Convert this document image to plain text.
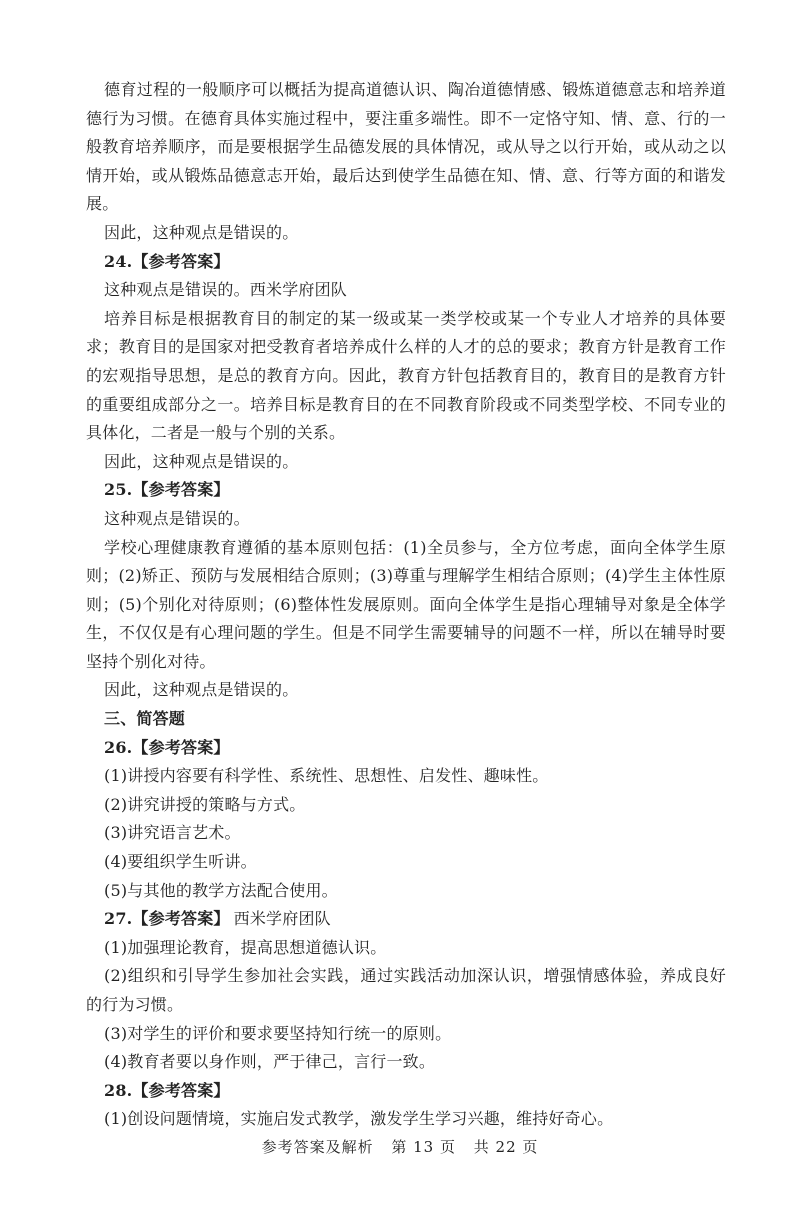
德育过程的一般顺序可以概括为提高道德认识、陶冶道德情感、锻炼道德意志和培养道德行为习惯。在德育具体实施过程中，要注重多端性。即不一定恪守知、情、意、行的一般教育培养顺序，而是要根据学生品德发展的具体情况，或从导之以行开始，或从动之以情开始，或从锻炼品德意志开始，最后达到使学生品德在知、情、意、行等方面的和谐发展。

因此，这种观点是错误的。

24.【参考答案】

这种观点是错误的。西米学府团队

培养目标是根据教育目的制定的某一级或某一类学校或某一个专业人才培养的具体要求；教育目的是国家对把受教育者培养成什么样的人才的总的要求；教育方针是教育工作的宏观指导思想，是总的教育方向。因此，教育方针包括教育目的，教育目的是教育方针的重要组成部分之一。培养目标是教育目的在不同教育阶段或不同类型学校、不同专业的具体化，二者是一般与个别的关系。

因此，这种观点是错误的。

25.【参考答案】

这种观点是错误的。

学校心理健康教育遵循的基本原则包括：(1)全员参与，全方位考虑，面向全体学生原则；(2)矫正、预防与发展相结合原则；(3)尊重与理解学生相结合原则；(4)学生主体性原则；(5)个别化对待原则；(6)整体性发展原则。面向全体学生是指心理辅导对象是全体学生，不仅仅是有心理问题的学生。但是不同学生需要辅导的问题不一样，所以在辅导时要坚持个别化对待。

因此，这种观点是错误的。

三、简答题

26.【参考答案】

(1)讲授内容要有科学性、系统性、思想性、启发性、趣味性。

(2)讲究讲授的策略与方式。

(3)讲究语言艺术。

(4)要组织学生听讲。

(5)与其他的教学方法配合使用。

27.【参考答案】 西米学府团队

(1)加强理论教育，提高思想道德认识。

(2)组织和引导学生参加社会实践，通过实践活动加深认识，增强情感体验，养成良好的行为习惯。

(3)对学生的评价和要求要坚持知行统一的原则。

(4)教育者要以身作则，严于律己，言行一致。

28.【参考答案】

(1)创设问题情境，实施启发式教学，激发学生学习兴趣，维持好奇心。

参考答案及解析 第 13 页 共 22 页
